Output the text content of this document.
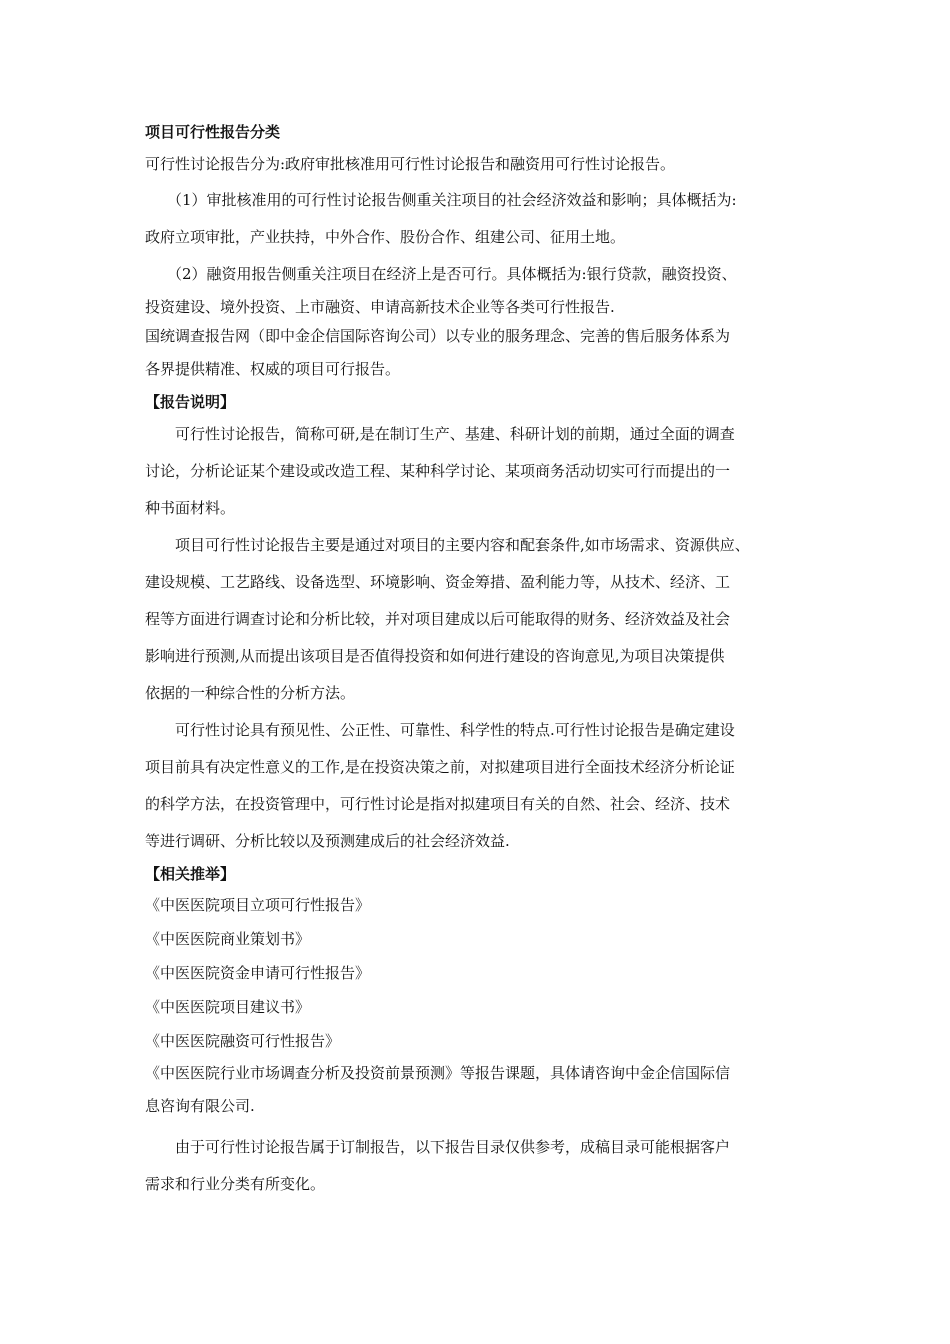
项目可行性报告分类

可行性讨论报告分为:政府审批核准用可行性讨论报告和融资用可行性讨论报告。

（1）审批核准用的可行性讨论报告侧重关注项目的社会经济效益和影响；具体概括为:
政府立项审批，产业扶持，中外合作、股份合作、组建公司、征用土地。
（2）融资用报告侧重关注项目在经济上是否可行。具体概括为:银行贷款，融资投资、
投资建设、境外投资、上市融资、申请高新技术企业等各类可行性报告.
国统调查报告网（即中金企信国际咨询公司）以专业的服务理念、完善的售后服务体系为
各界提供精准、权威的项目可行报告。

【报告说明】

可行性讨论报告，简称可研,是在制订生产、基建、科研计划的前期，通过全面的调查
讨论，分析论证某个建设或改造工程、某种科学讨论、某项商务活动切实可行而提出的一
种书面材料。
项目可行性讨论报告主要是通过对项目的主要内容和配套条件,如市场需求、资源供应、
建设规模、工艺路线、设备选型、环境影响、资金筹措、盈利能力等，从技术、经济、工
程等方面进行调查讨论和分析比较，并对项目建成以后可能取得的财务、经济效益及社会
影响进行预测,从而提出该项目是否值得投资和如何进行建设的咨询意见,为项目决策提供
依据的一种综合性的分析方法。
可行性讨论具有预见性、公正性、可靠性、科学性的特点.可行性讨论报告是确定建设
项目前具有决定性意义的工作,是在投资决策之前，对拟建项目进行全面技术经济分析论证
的科学方法，在投资管理中，可行性讨论是指对拟建项目有关的自然、社会、经济、技术
等进行调研、分析比较以及预测建成后的社会经济效益.

【相关推举】

《中医医院项目立项可行性报告》

《中医医院商业策划书》

《中医医院资金申请可行性报告》

《中医医院项目建议书》

《中医医院融资可行性报告》

《中医医院行业市场调查分析及投资前景预测》等报告课题，具体请咨询中金企信国际信
息咨询有限公司.
由于可行性讨论报告属于订制报告，以下报告目录仅供参考，成稿目录可能根据客户
需求和行业分类有所变化。
